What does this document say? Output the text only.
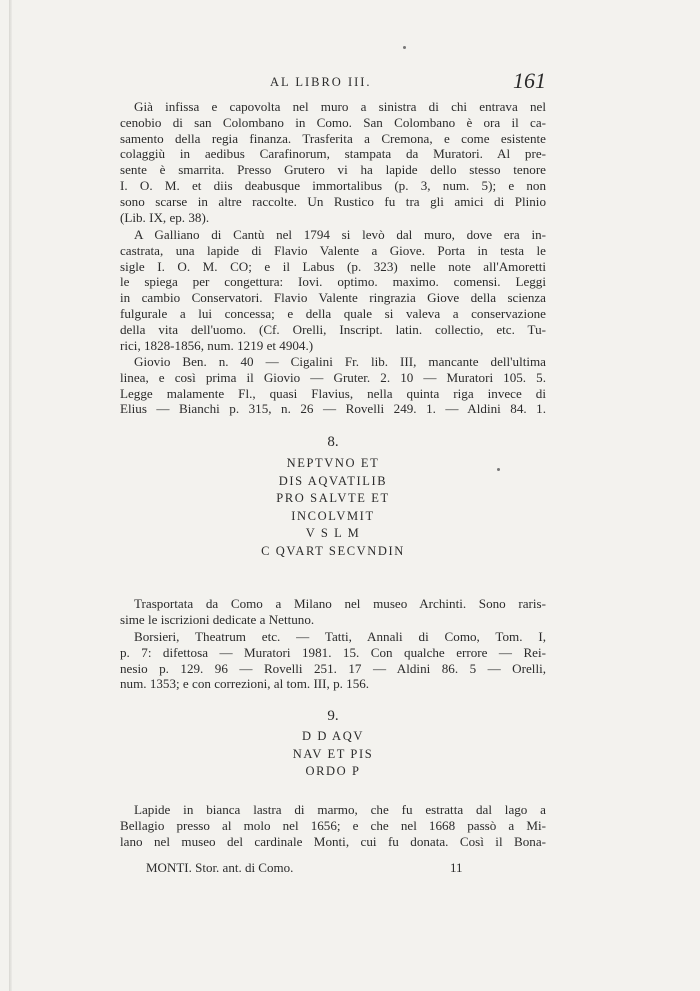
AL LIBRO III.	161
Già infissa e capovolta nel muro a sinistra di chi entrava nel
cenobio di san Colombano in Como. San Colombano è ora il ca-
samento della regia finanza. Trasferita a Cremona, e come esistente
colaggiù in aedibus Carafinorum, stampata da Muratori. Al pre-
sente è smarrita. Presso Grutero vi ha lapide dello stesso tenore
I. O. M. et diis deabusque immortalibus (p. 3, num. 5); e non
sono scarse in altre raccolte. Un Rustico fu tra gli amici di Plinio
(Lib. IX, ep. 38).
A Galliano di Cantù nel 1794 si levò dal muro, dove era in-
castrata, una lapide di Flavio Valente a Giove. Porta in testa le
sigle I. O. M. CO; e il Labus (p. 323) nelle note all'Amoretti
le spiega per congettura: Iovi. optimo. maximo. comensi. Leggi
in cambio Conservatori. Flavio Valente ringrazia Giove della scienza
fulgurale a lui concessa; e della quale si valeva a conservazione
della vita dell'uomo. (Cf. Orelli, Inscript. latin. collectio, etc. Tu-
rici, 1828-1856, num. 1219 et 4904.)
Giovio Ben. n. 40 — Cigalini Fr. lib. III, mancante dell'ultima
linea, e così prima il Giovio — Gruter. 2. 10 — Muratori 105. 5.
Legge malamente Fl., quasi Flavius, nella quinta riga invece di
Elius — Bianchi p. 315, n. 26 — Rovelli 249. 1. — Aldini 84. 1.
8.
NEPTVNO ET
DIS AQVATILIB
PRO SALVTE ET
INCOLVMIT
V S L M
C QVART SECVNDIN
Trasportata da Como a Milano nel museo Archinti. Sono raris-
sime le iscrizioni dedicate a Nettuno.
Borsieri, Theatrum etc. — Tatti, Annali di Como, Tom. I,
p. 7: difettosa — Muratori 1981. 15. Con qualche errore — Rei-
nesio p. 129. 96 — Rovelli 251. 17 — Aldini 86. 5 — Orelli,
num. 1353; e con correzioni, al tom. III, p. 156.
9.
D D AQV
NAV ET PIS
ORDO P
Lapide in bianca lastra di marmo, che fu estratta dal lago a
Bellagio presso al molo nel 1656; e che nel 1668 passò a Mi-
lano nel museo del cardinale Monti, cui fu donata. Così il Bona-
MONTI. Stor. ant. di Como.	11
